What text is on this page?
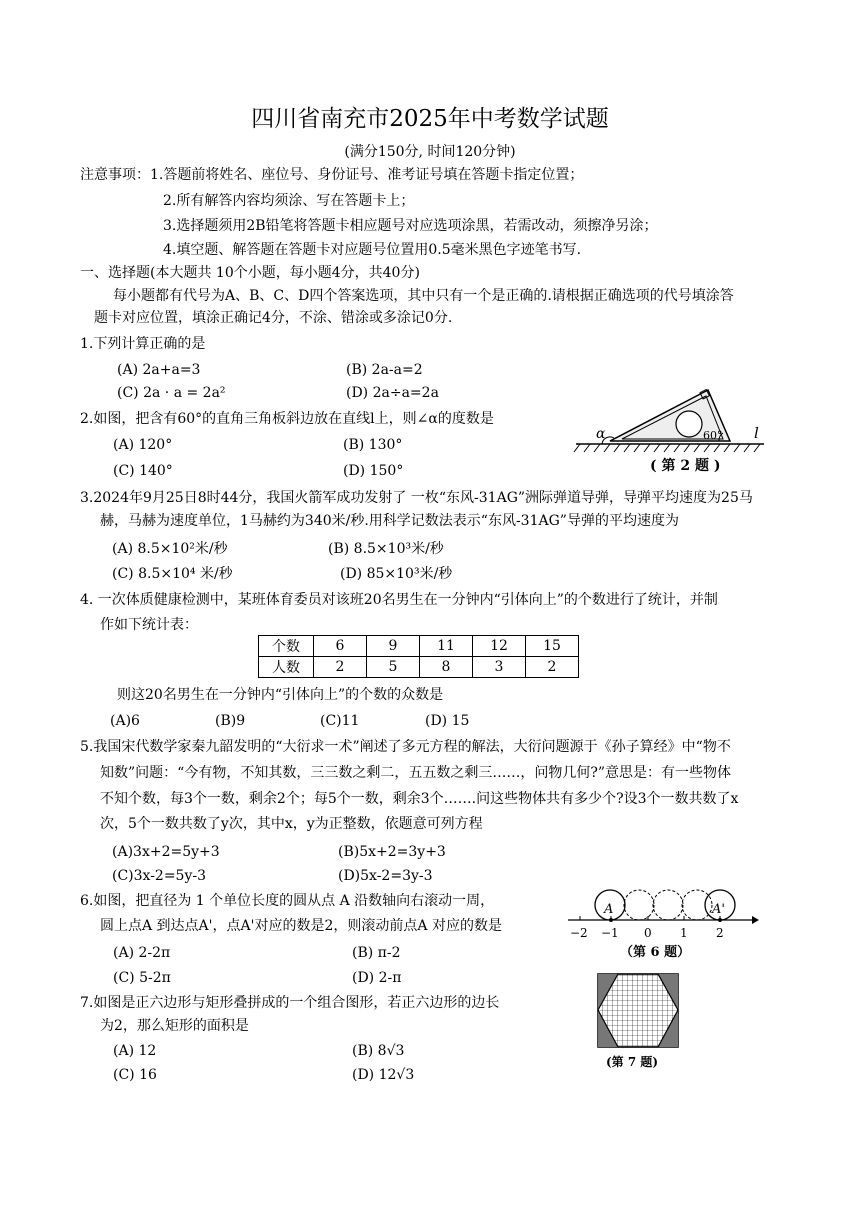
四川省南充市2025年中考数学试题
(满分150分, 时间120分钟)
注意事项：1.答题前将姓名、座位号、身份证号、准考证号填在答题卡指定位置；
2.所有解答内容均须涂、写在答题卡上；
3.选择题须用2B铅笔将答题卡相应题号对应选项涂黑，若需改动，须擦净另涂；
4.填空题、解答题在答题卡对应题号位置用0.5毫米黑色字迹笔书写.
一、选择题(本大题共 10个小题，每小题4分，共40分)
每小题都有代号为A、B、C、D四个答案选项，其中只有一个是正确的.请根据正确选项的代号填涂答
题卡对应位置，填涂正确记4分，不涂、错涂或多涂记0分.
1.下列计算正确的是
(A) 2a+a=3	(B) 2a-a=2
(C) 2a · a = 2a²	(D) 2a÷a=2a
2.如图，把含有60°的直角三角板斜边放在直线l上，则∠α的度数是
(A) 120°	(B) 130°
(C) 140°	(D) 150°
α	60° l
( 第 2 题 )
3.2024年9月25日8时44分，我国火箭军成功发射了 一枚“东风-31AG”洲际弹道导弹，导弹平均速度为25马
赫，马赫为速度单位，1马赫约为340米/秒.用科学记数法表示“东风-31AG”导弹的平均速度为
(A) 8.5×10²米/秒	(B) 8.5×10³米/秒
(C) 8.5×10⁴ 米/秒	(D) 85×10³米/秒
4. 一次体质健康检测中，某班体育委员对该班20名男生在一分钟内“引体向上”的个数进行了统计，并制
作如下统计表：
个数	6	9	11	12	15
人数	2	5	8	3	2
则这20名男生在一分钟内“引体向上”的个数的众数是
(A)6	(B)9	(C)11	(D) 15
5.我国宋代数学家秦九韶发明的“大衍求一术”阐述了多元方程的解法，大衍问题源于《孙子算经》中“物不
知数”问题：“今有物，不知其数，三三数之剩二，五五数之剩三……，问物几何?”意思是：有一些物体
不知个数，每3个一数，剩余2个；每5个一数，剩余3个…….问这些物体共有多少个?设3个一数共数了x
次，5个一数共数了y次，其中x，y为正整数，依题意可列方程
(A)3x+2=5y+3	(B)5x+2=3y+3
(C)3x-2=5y-3	(D)5x-2=3y-3
6.如图，把直径为 1 个单位长度的圆从点 A 沿数轴向右滚动一周，
圆上点A 到达点A'，点A'对应的数是2，则滚动前点A 对应的数是
(A) 2-2π	(B) π-2
(C) 5-2π	(D) 2-π
A	A'
−2 −1 0 1 2
（第 6 题）
7.如图是正六边形与矩形叠拼成的一个组合图形，若正六边形的边长
为2，那么矩形的面积是
(A) 12	(B) 8√3
(C) 16	(D) 12√3
(第 7 题)
